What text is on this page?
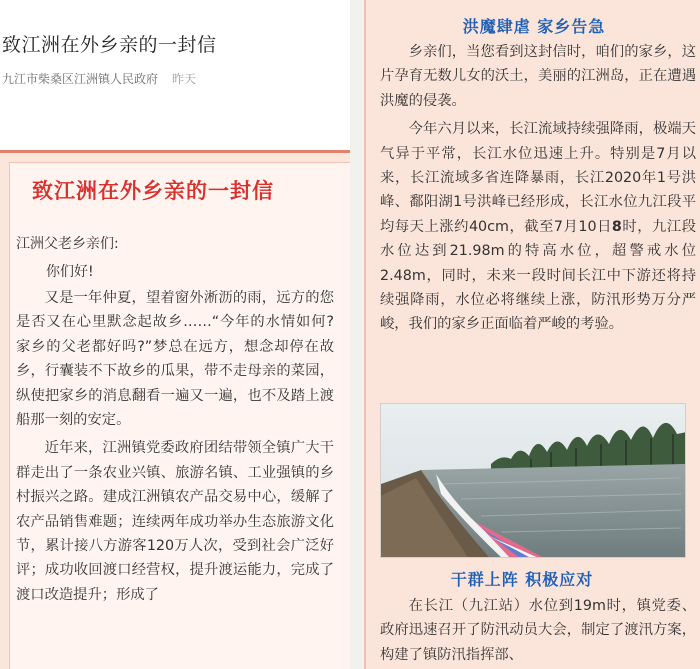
致江洲在外乡亲的一封信
九江市柴桑区江洲镇人民政府 昨天
致江洲在外乡亲的一封信
江洲父老乡亲们:
你们好!

又是一年仲夏，望着窗外淅沥的雨，远方的您是否又在心里默念起故乡……“今年的水情如何? 家乡的父老都好吗?”梦总在远方，想念却停在故乡，行囊装不下故乡的瓜果，带不走母亲的菜园，纵使把家乡的消息翻看一遍又一遍，也不及踏上渡船那一刻的安定。

近年来，江洲镇党委政府团结带领全镇广大干群走出了一条农业兴镇、旅游名镇、工业强镇的乡村振兴之路。建成江洲镇农产品交易中心，缓解了农产品销售难题；连续两年成功举办生态旅游文化节，累计接八方游客120万人次，受到社会广泛好评；成功收回渡口经营权，提升渡运能力，完成了渡口改造提升；形成了

洪魔肆虐 家乡告急

乡亲们，当您看到这封信时，咱们的家乡，这片孕育无数儿女的沃土，美丽的江洲岛，正在遭遇洪魔的侵袭。

今年六月以来，长江流域持续强降雨，极端天气异于平常，长江水位迅速上升。特别是7月以来，长江流域多省连降暴雨，长江2020年1号洪峰、鄱阳湖1号洪峰已经形成，长江水位九江段平均每天上涨约40cm，截至7月10日8时，九江段水位达到21.98m的特高水位，超警戒水位2.48m，同时，未来一段时间长江中下游还将持续强降雨，水位必将继续上涨，防汛形势万分严峻，我们的家乡正面临着严峻的考验。

干群上阵 积极应对

在长江（九江站）水位到19m时，镇党委、政府迅速召开了防汛动员大会，制定了渡汛方案，构建了镇防汛指挥部、
